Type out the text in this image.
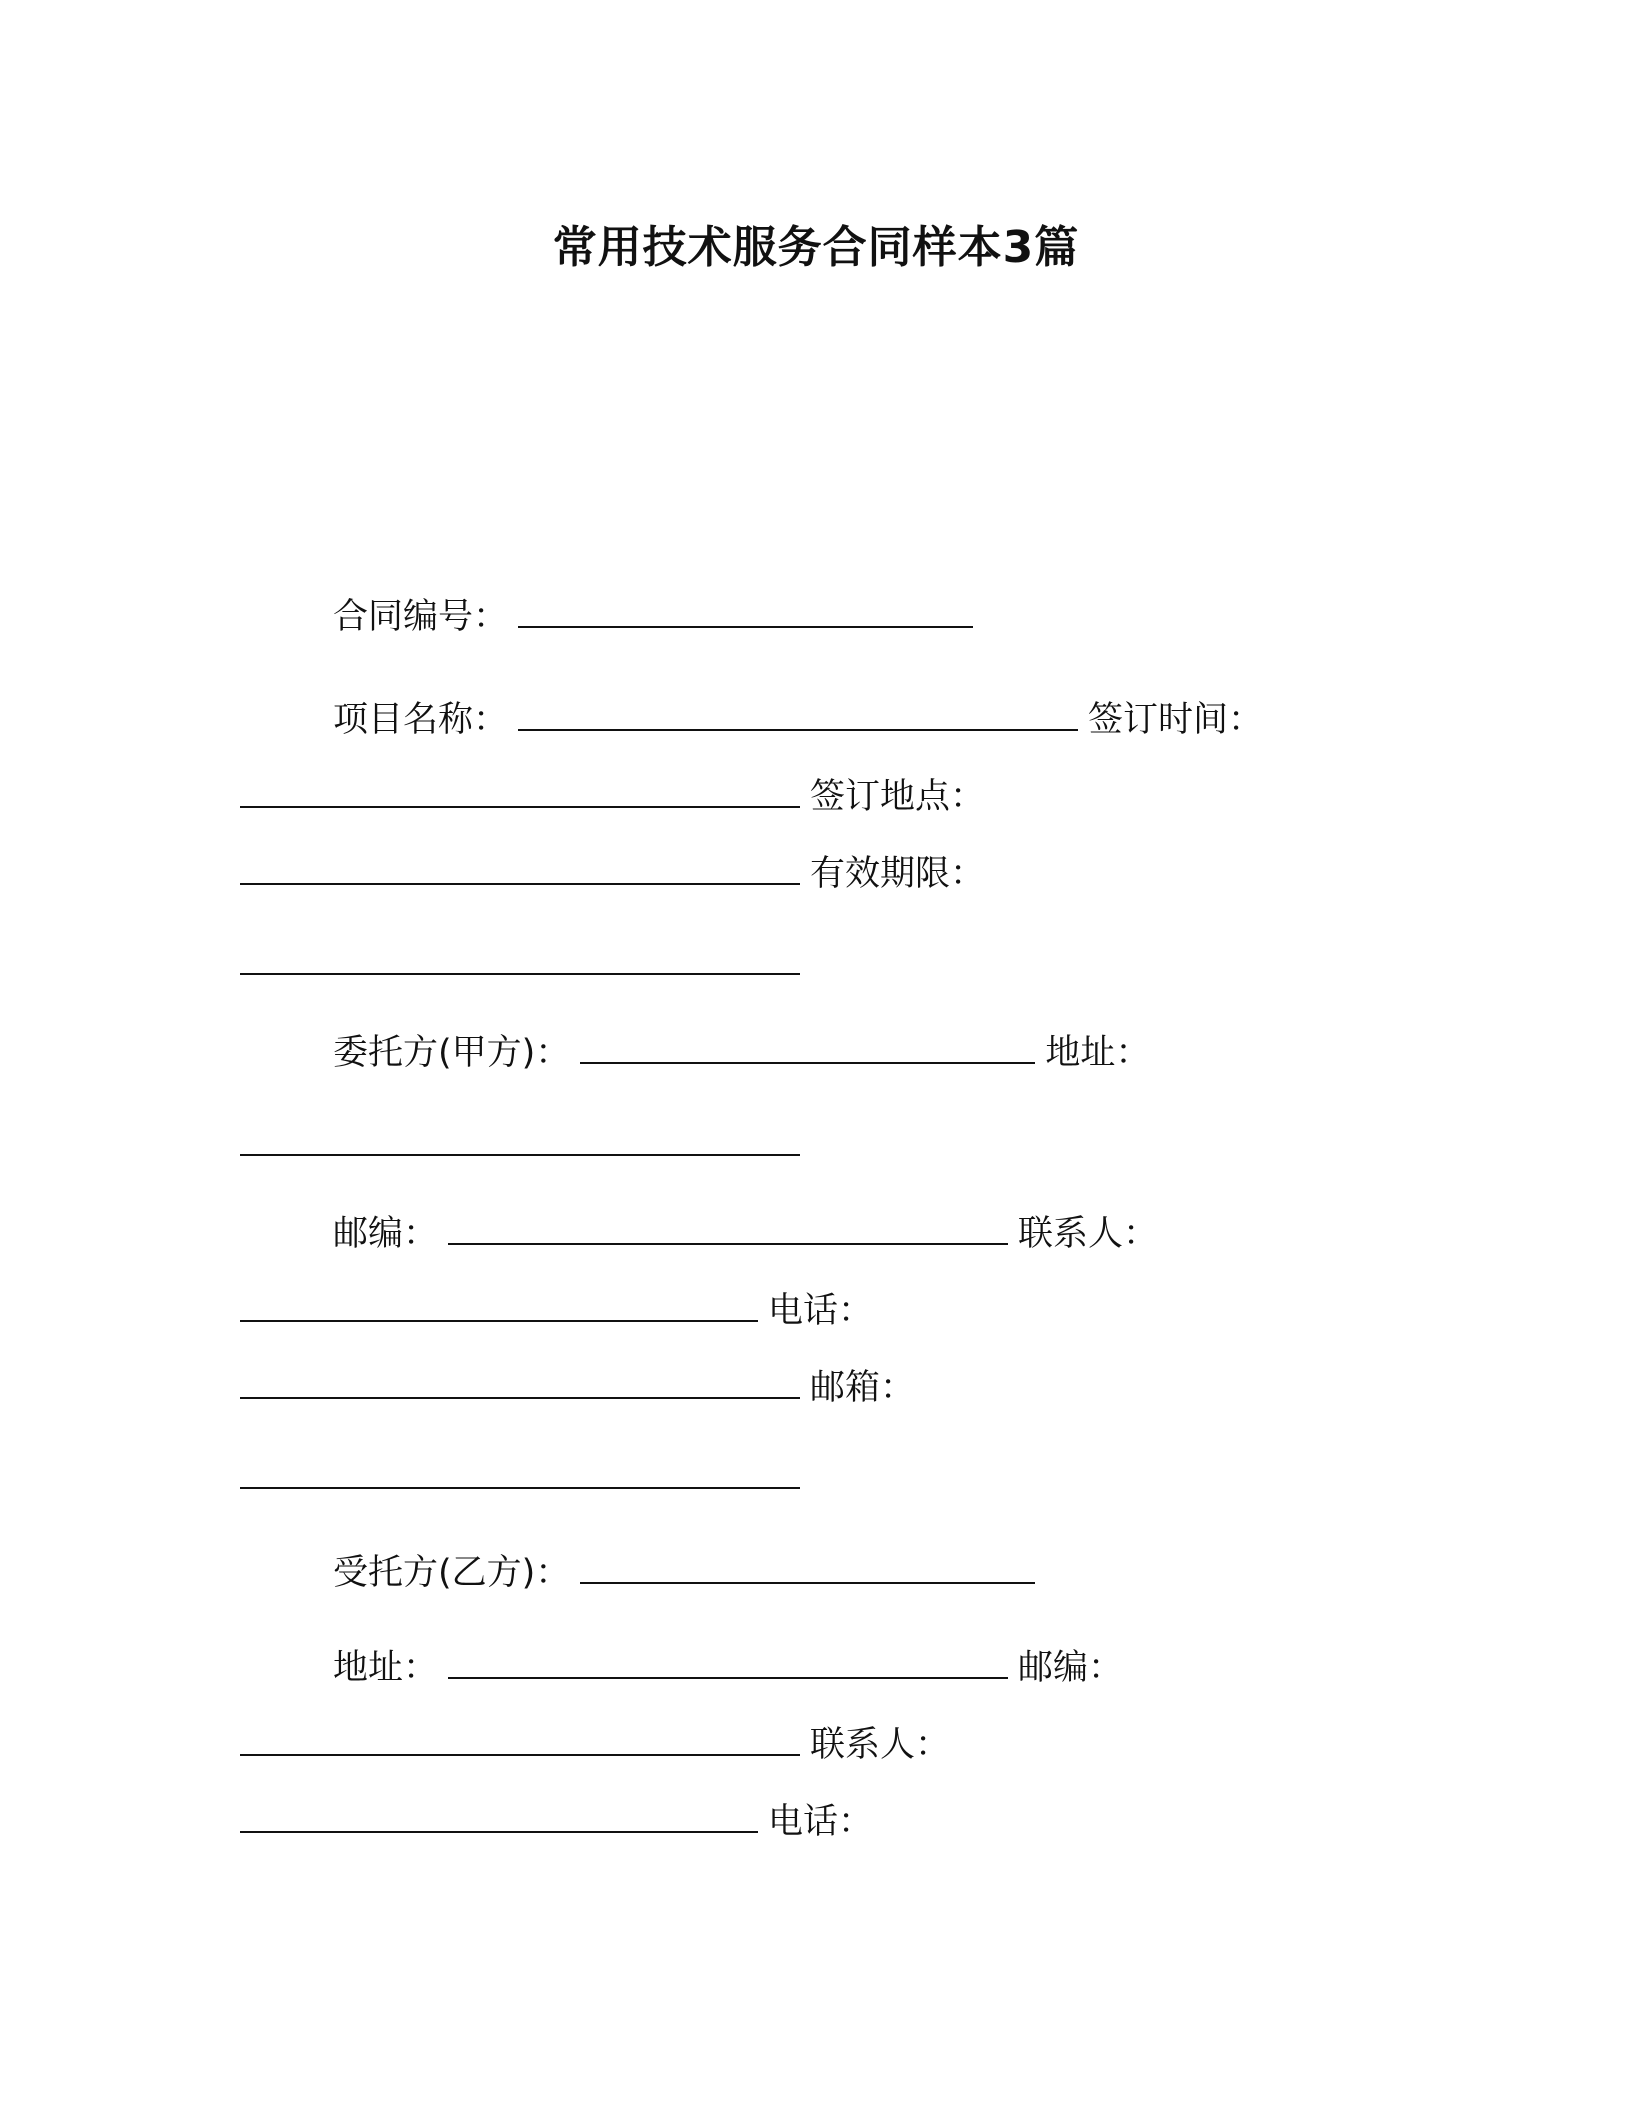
常用技术服务合同样本3篇
合同编号：
项目名称：	签订时间：
签订地点：
有效期限：
委托方(甲方)：	地址：
邮编：	联系人：
电话：
邮箱：
受托方(乙方)：
地址：	邮编：
联系人：
电话：
